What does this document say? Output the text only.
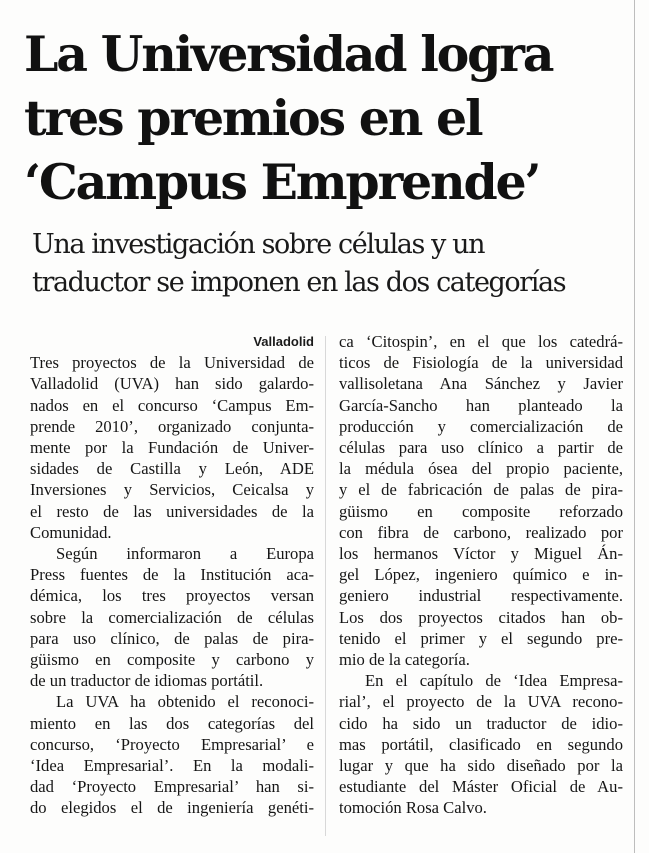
La Universidad logra
tres premios en el
‘Campus Emprende’
Una investigación sobre células y un
traductor se imponen en las dos categorías
Valladolid
Tres proyectos de la Universidad de
Valladolid (UVA) han sido galardo-
nados en el concurso ‘Campus Em-
prende 2010’, organizado conjunta-
mente por la Fundación de Univer-
sidades de Castilla y León, ADE
Inversiones y Servicios, Ceicalsa y
el resto de las universidades de la
Comunidad.
Según informaron a Europa
Press fuentes de la Institución aca-
démica, los tres proyectos versan
sobre la comercialización de células
para uso clínico, de palas de pira-
güismo en composite y carbono y
de un traductor de idiomas portátil.
La UVA ha obtenido el reconoci-
miento en las dos categorías del
concurso, ‘Proyecto Empresarial’ e
‘Idea Empresarial’. En la modali-
dad ‘Proyecto Empresarial’ han si-
do elegidos el de ingeniería genéti-
ca ‘Citospin’, en el que los catedrá-
ticos de Fisiología de la universidad
vallisoletana Ana Sánchez y Javier
García-Sancho han planteado la
producción y comercialización de
células para uso clínico a partir de
la médula ósea del propio paciente,
y el de fabricación de palas de pira-
güismo en composite reforzado
con fibra de carbono, realizado por
los hermanos Víctor y Miguel Án-
gel López, ingeniero químico e in-
geniero industrial respectivamente.
Los dos proyectos citados han ob-
tenido el primer y el segundo pre-
mio de la categoría.
En el capítulo de ‘Idea Empresa-
rial’, el proyecto de la UVA recono-
cido ha sido un traductor de idio-
mas portátil, clasificado en segundo
lugar y que ha sido diseñado por la
estudiante del Máster Oficial de Au-
tomoción Rosa Calvo.
